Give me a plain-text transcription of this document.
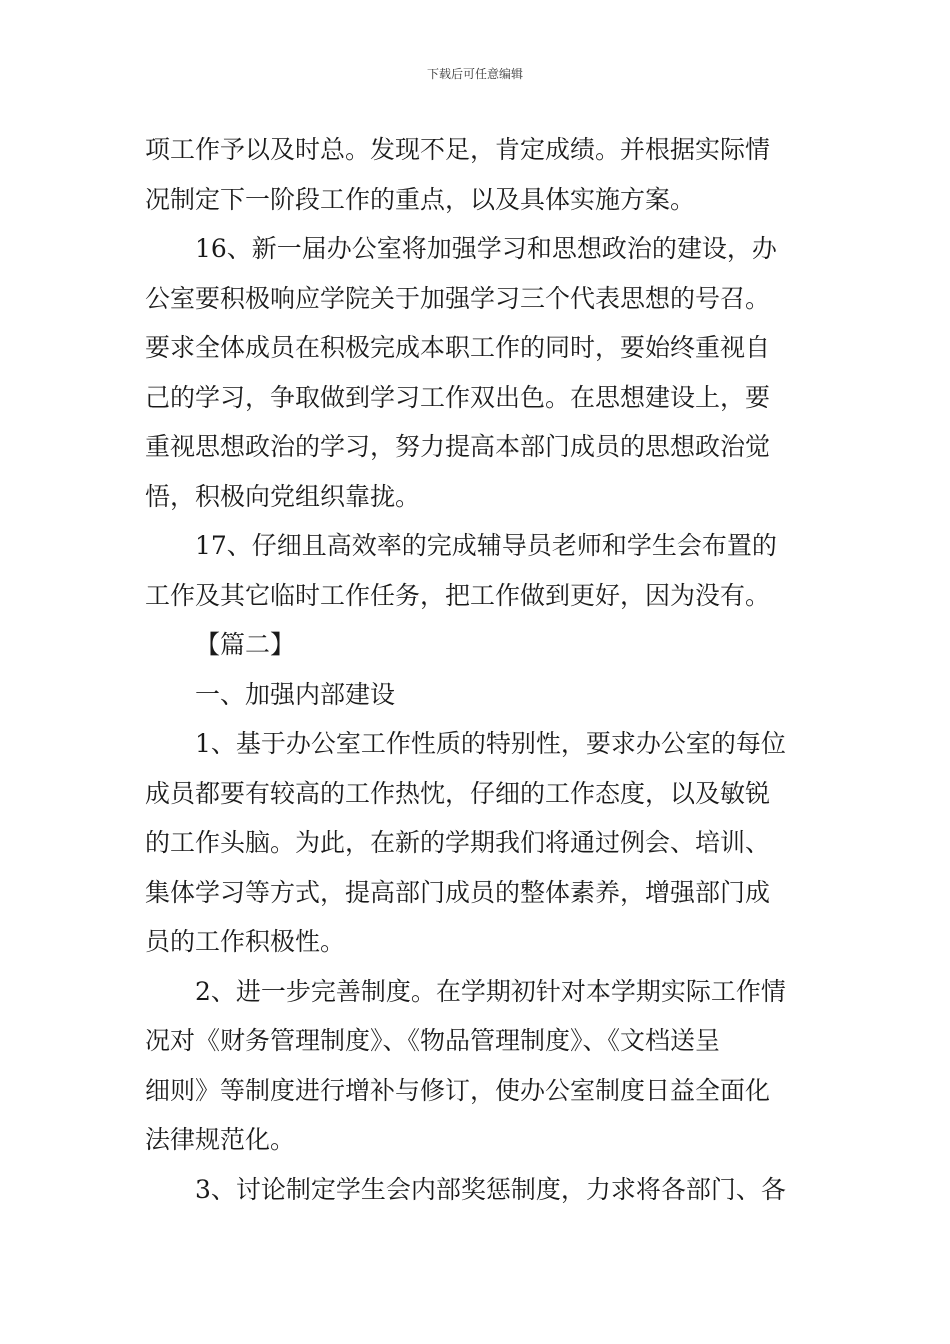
下载后可任意编辑
项工作予以及时总。发现不足，肯定成绩。并根据实际情
况制定下一阶段工作的重点，以及具体实施方案。
16、新一届办公室将加强学习和思想政治的建设，办
公室要积极响应学院关于加强学习三个代表思想的号召。
要求全体成员在积极完成本职工作的同时，要始终重视自
己的学习，争取做到学习工作双出色。在思想建设上，要
重视思想政治的学习，努力提高本部门成员的思想政治觉
悟，积极向党组织靠拢。
17、仔细且高效率的完成辅导员老师和学生会布置的
工作及其它临时工作任务，把工作做到更好，因为没有。
【篇二】
一、加强内部建设
1、基于办公室工作性质的特别性，要求办公室的每位
成员都要有较高的工作热忱，仔细的工作态度，以及敏锐
的工作头脑。为此，在新的学期我们将通过例会、培训、
集体学习等方式，提高部门成员的整体素养，增强部门成
员的工作积极性。
2、进一步完善制度。在学期初针对本学期实际工作情
况对《财务管理制度》、《物品管理制度》、《文档送呈
细则》等制度进行增补与修订，使办公室制度日益全面化
法律规范化。
3、讨论制定学生会内部奖惩制度，力求将各部门、各
